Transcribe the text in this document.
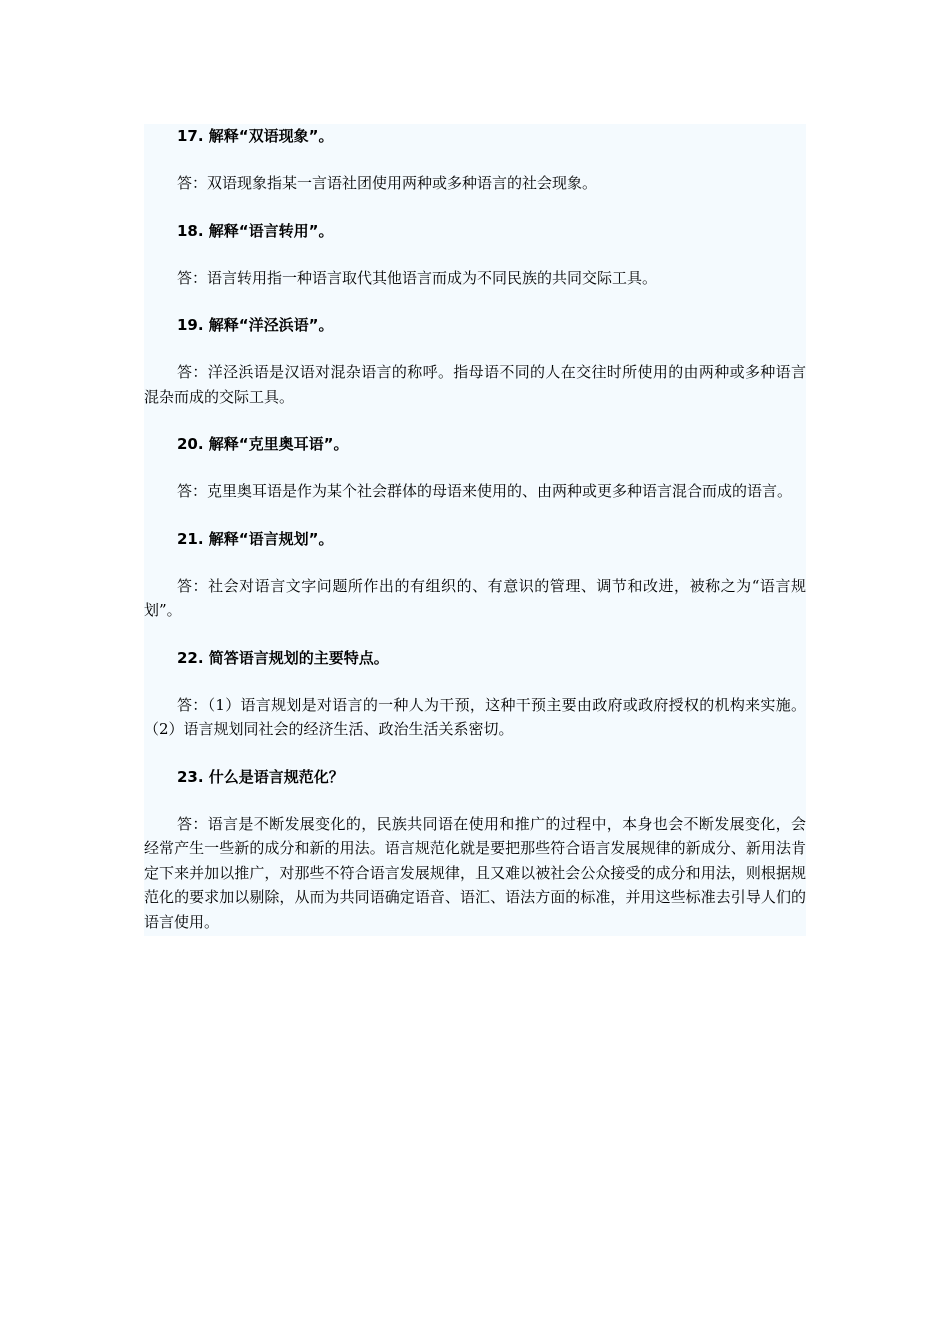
17. 解释“双语现象”。

答：双语现象指某一言语社团使用两种或多种语言的社会现象。

18. 解释“语言转用”。

答：语言转用指一种语言取代其他语言而成为不同民族的共同交际工具。

19. 解释“洋泾浜语”。

答：洋泾浜语是汉语对混杂语言的称呼。指母语不同的人在交往时所使用的由两种或多种语言混杂而成的交际工具。

20. 解释“克里奥耳语”。

答：克里奥耳语是作为某个社会群体的母语来使用的、由两种或更多种语言混合而成的语言。

21. 解释“语言规划”。

答：社会对语言文字问题所作出的有组织的、有意识的管理、调节和改进，被称之为“语言规划”。

22. 简答语言规划的主要特点。

答：（1）语言规划是对语言的一种人为干预，这种干预主要由政府或政府授权的机构来实施。（2）语言规划同社会的经济生活、政治生活关系密切。

23. 什么是语言规范化？

答：语言是不断发展变化的，民族共同语在使用和推广的过程中，本身也会不断发展变化，会经常产生一些新的成分和新的用法。语言规范化就是要把那些符合语言发展规律的新成分、新用法肯定下来并加以推广，对那些不符合语言发展规律，且又难以被社会公众接受的成分和用法，则根据规范化的要求加以剔除，从而为共同语确定语音、语汇、语法方面的标准，并用这些标准去引导人们的语言使用。
